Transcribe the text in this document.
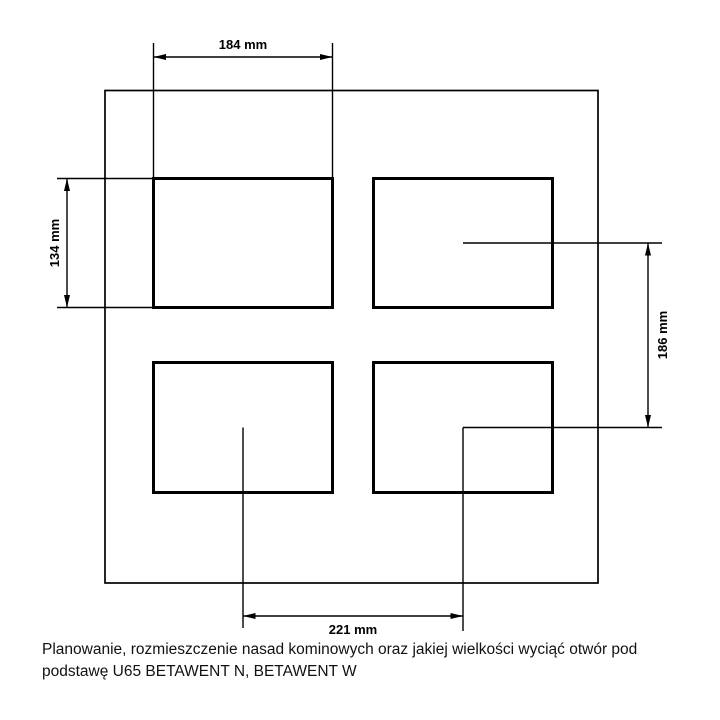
184 mm
134 mm
186 mm
221 mm
Planowanie, rozmieszczenie nasad kominowych oraz jakiej wielkości wyciąć otwór pod
podstawę U65 BETAWENT N, BETAWENT W
